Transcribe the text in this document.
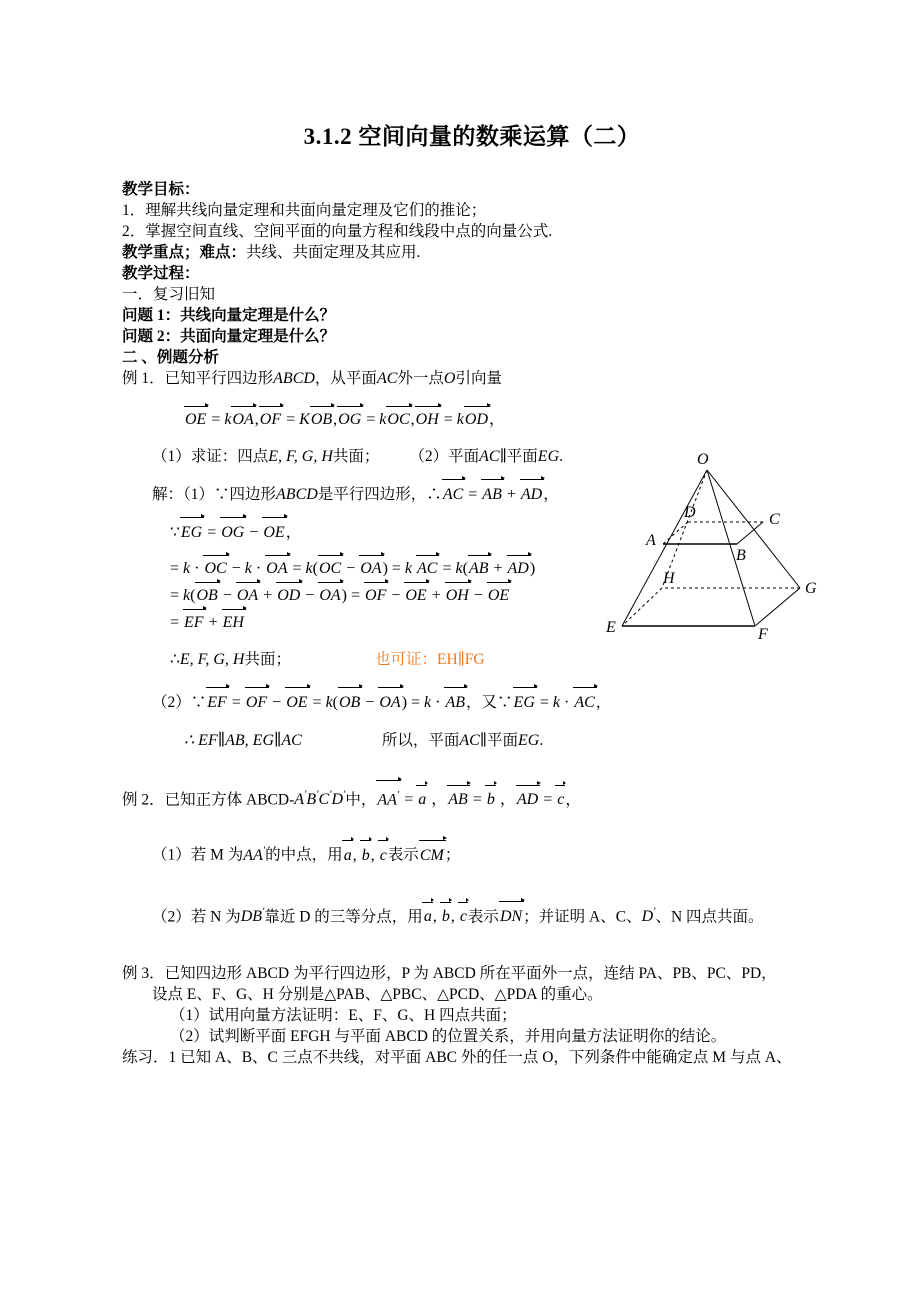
3.1.2 空间向量的数乘运算（二）
教学目标：
1．理解共线向量定理和共面向量定理及它们的推论；
2．掌握空间直线、空间平面的向量方程和线段中点的向量公式.
教学重点；难点：共线、共面定理及其应用.
教学过程：
一．复习旧知
问题 1：共线向量定理是什么？
问题 2：共面向量定理是什么？
二 、例题分析
例 1．已知平行四边形ABCD，从平面AC外一点O引向量
OE = kOA,OF = KOB,OG = kOC,OH = kOD，
（1）求证：四点E, F, G, H共面； （2）平面AC∥平面EG.
解：（1）∵四边形ABCD是平行四边形，∴AC = AB + AD，
∵EG = OG − OE，
= k · OC − k · OA = k(OC − OA) = k AC = k(AB + AD)
= k(OB − OA + OD − OA) = OF − OE + OH − OE
= EF + EH
∴E, F, G, H共面；	也可证：EH∥FG
（2）∵EF = OF − OE = k(OB − OA) = k · AB，又∵EG = k · AC，
∴ EF∥AB, EG∥AC	所以，平面AC∥平面EG.
例 2．已知正方体 ABCD-A'B'C'D'中，AA' = a ，AB = b ，AD = c，
（1）若 M 为AA'的中点，用a, b, c表示CM；
（2）若 N 为DB'靠近 D 的三等分点，用a, b, c表示DN；并证明 A、C、D'、N 四点共面。
例 3．已知四边形 ABCD 为平行四边形，P 为 ABCD 所在平面外一点，连结 PA、PB、PC、PD，
设点 E、F、G、H 分别是△PAB、△PBC、△PCD、△PDA 的重心。
（1）试用向量方法证明：E、F、G、H 四点共面；
（2）试判断平面 EFGH 与平面 ABCD 的位置关系，并用向量方法证明你的结论。
练习．1 已知 A、B、C 三点不共线，对平面 ABC 外的任一点 O，下列条件中能确定点 M 与点 A、
O
A
B
C
D
E	F
G
H
